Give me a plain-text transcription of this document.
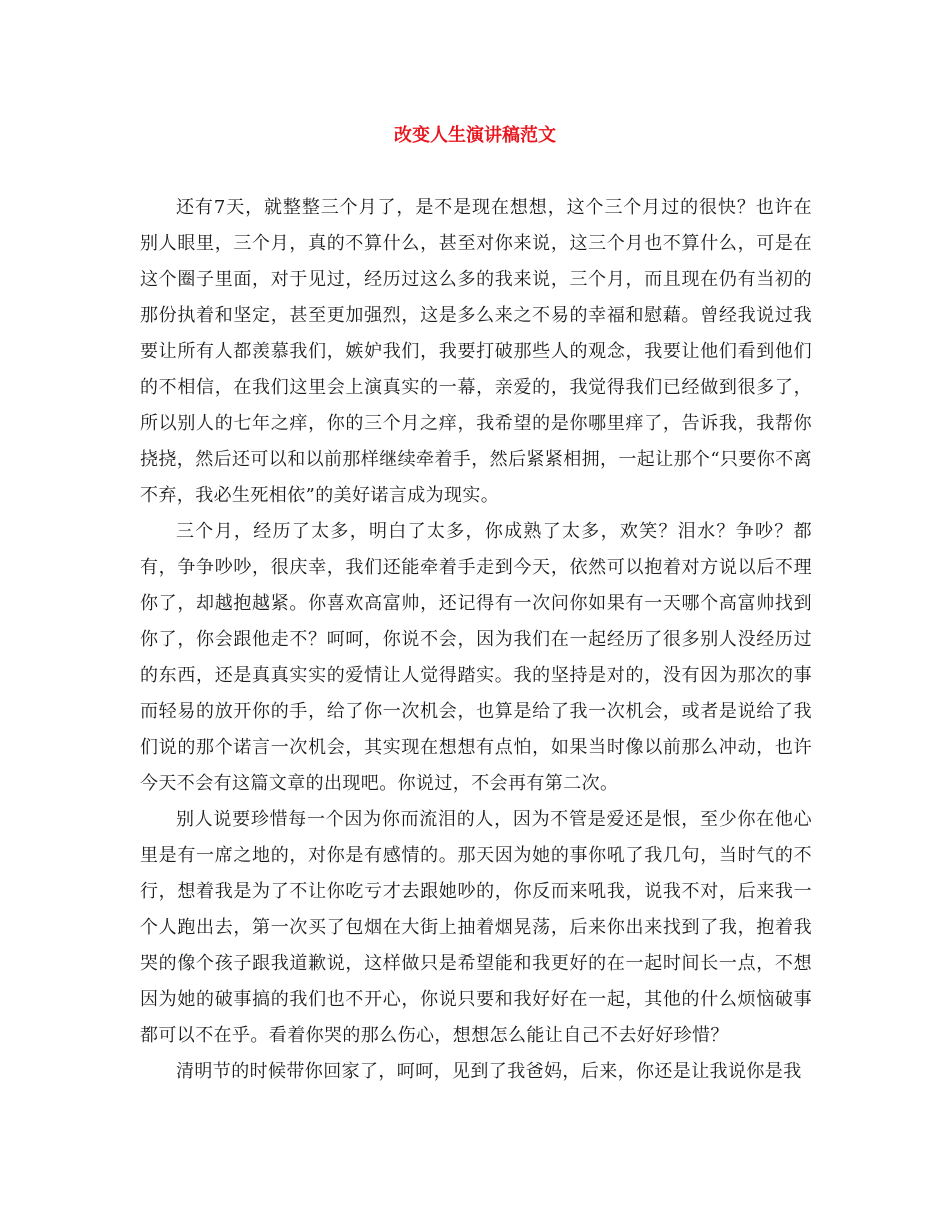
改变人生演讲稿范文

还有7天，就整整三个月了，是不是现在想想，这个三个月过的很快？也许在别人眼里，三个月，真的不算什么，甚至对你来说，这三个月也不算什么，可是在这个圈子里面，对于见过，经历过这么多的我来说，三个月，而且现在仍有当初的那份执着和坚定，甚至更加强烈，这是多么来之不易的幸福和慰藉。曾经我说过我要让所有人都羡慕我们，嫉妒我们，我要打破那些人的观念，我要让他们看到他们的不相信，在我们这里会上演真实的一幕，亲爱的，我觉得我们已经做到很多了，所以别人的七年之痒，你的三个月之痒，我希望的是你哪里痒了，告诉我，我帮你挠挠，然后还可以和以前那样继续牵着手，然后紧紧相拥，一起让那个“只要你不离不弃，我必生死相依”的美好诺言成为现实。

三个月，经历了太多，明白了太多，你成熟了太多，欢笑？泪水？争吵？都有，争争吵吵，很庆幸，我们还能牵着手走到今天，依然可以抱着对方说以后不理你了，却越抱越紧。你喜欢高富帅，还记得有一次问你如果有一天哪个高富帅找到你了，你会跟他走不？呵呵，你说不会，因为我们在一起经历了很多别人没经历过的东西，还是真真实实的爱情让人觉得踏实。我的坚持是对的，没有因为那次的事而轻易的放开你的手，给了你一次机会，也算是给了我一次机会，或者是说给了我们说的那个诺言一次机会，其实现在想想有点怕，如果当时像以前那么冲动，也许今天不会有这篇文章的出现吧。你说过，不会再有第二次。

别人说要珍惜每一个因为你而流泪的人，因为不管是爱还是恨，至少你在他心里是有一席之地的，对你是有感情的。那天因为她的事你吼了我几句，当时气的不行，想着我是为了不让你吃亏才去跟她吵的，你反而来吼我，说我不对，后来我一个人跑出去，第一次买了包烟在大街上抽着烟晃荡，后来你出来找到了我，抱着我哭的像个孩子跟我道歉说，这样做只是希望能和我更好的在一起时间长一点，不想因为她的破事搞的我们也不开心，你说只要和我好好在一起，其他的什么烦恼破事都可以不在乎。看着你哭的那么伤心，想想怎么能让自己不去好好珍惜？

清明节的时候带你回家了，呵呵，见到了我爸妈，后来，你还是让我说你是我
